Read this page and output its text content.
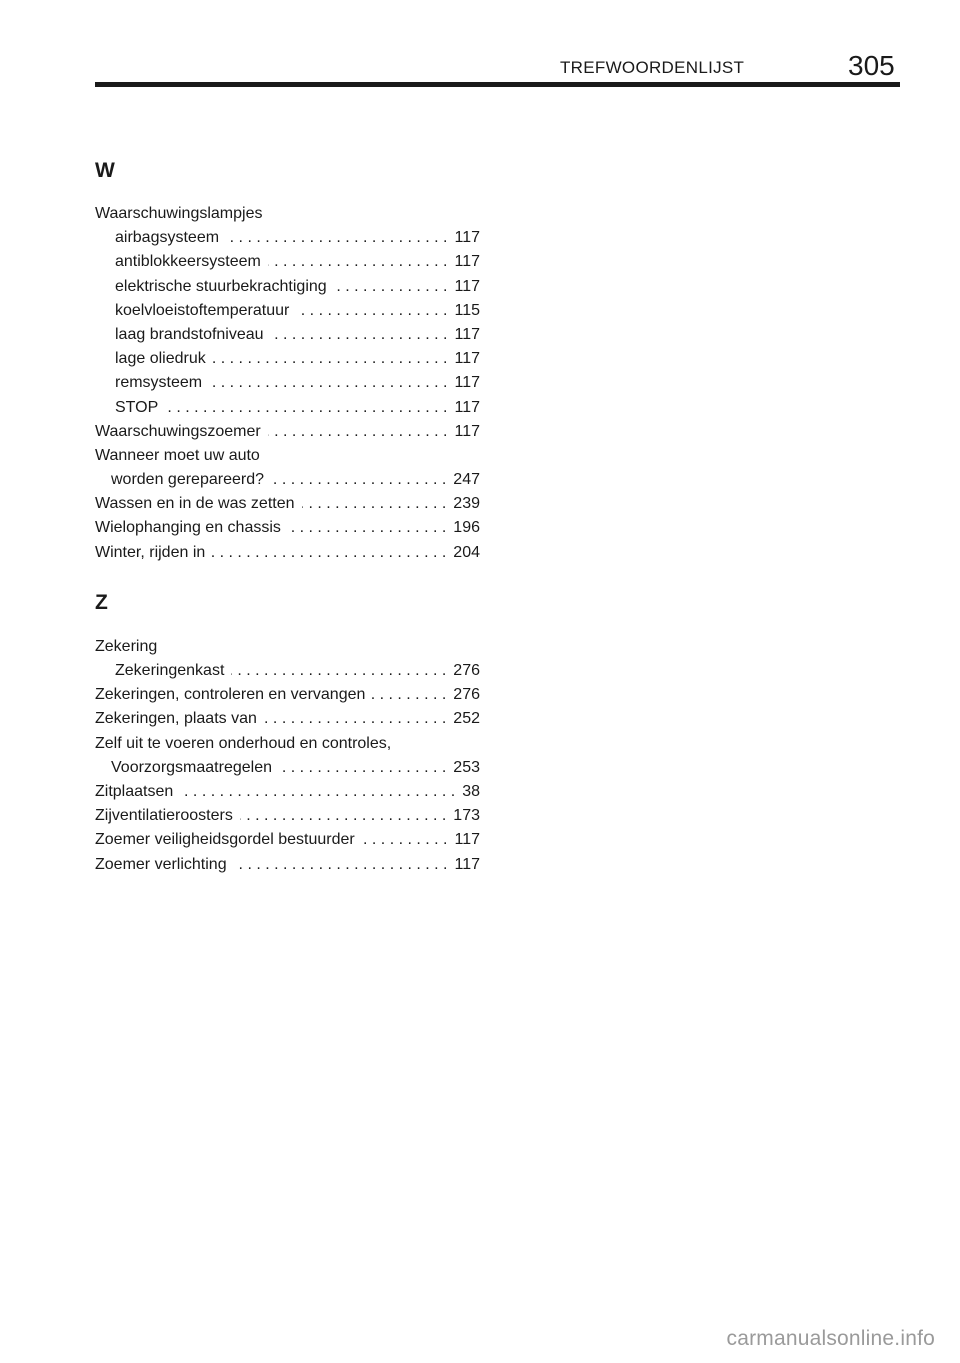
TREFWOORDENLIJST	305
W
Waarschuwingslampjes
airbagsysteem . . .	117
antiblokkeersysteem . . .	117
elektrische stuurbekrachtiging . . .	117
koelvloeistoftemperatuur . . .	115
laag brandstofniveau . . .	117
lage oliedruk . . .	117
remsysteem . . .	117
STOP . . .	117
Waarschuwingszoemer . . .	117
Wanneer moet uw auto
worden gerepareerd? . . .	247
Wassen en in de was zetten . . .	239
Wielophanging en chassis . . .	196
Winter, rijden in . . .	204
Z
Zekering
Zekeringenkast . . .	276
Zekeringen, controleren en vervangen . . .	276
Zekeringen, plaats van . . .	252
Zelf uit te voeren onderhoud en controles,
Voorzorgsmaatregelen . . .	253
Zitplaatsen . . .	38
Zijventilatieroosters . . .	173
Zoemer veiligheidsgordel bestuurder . . .	117
Zoemer verlichting . . .	117
carmanualsonline.info
